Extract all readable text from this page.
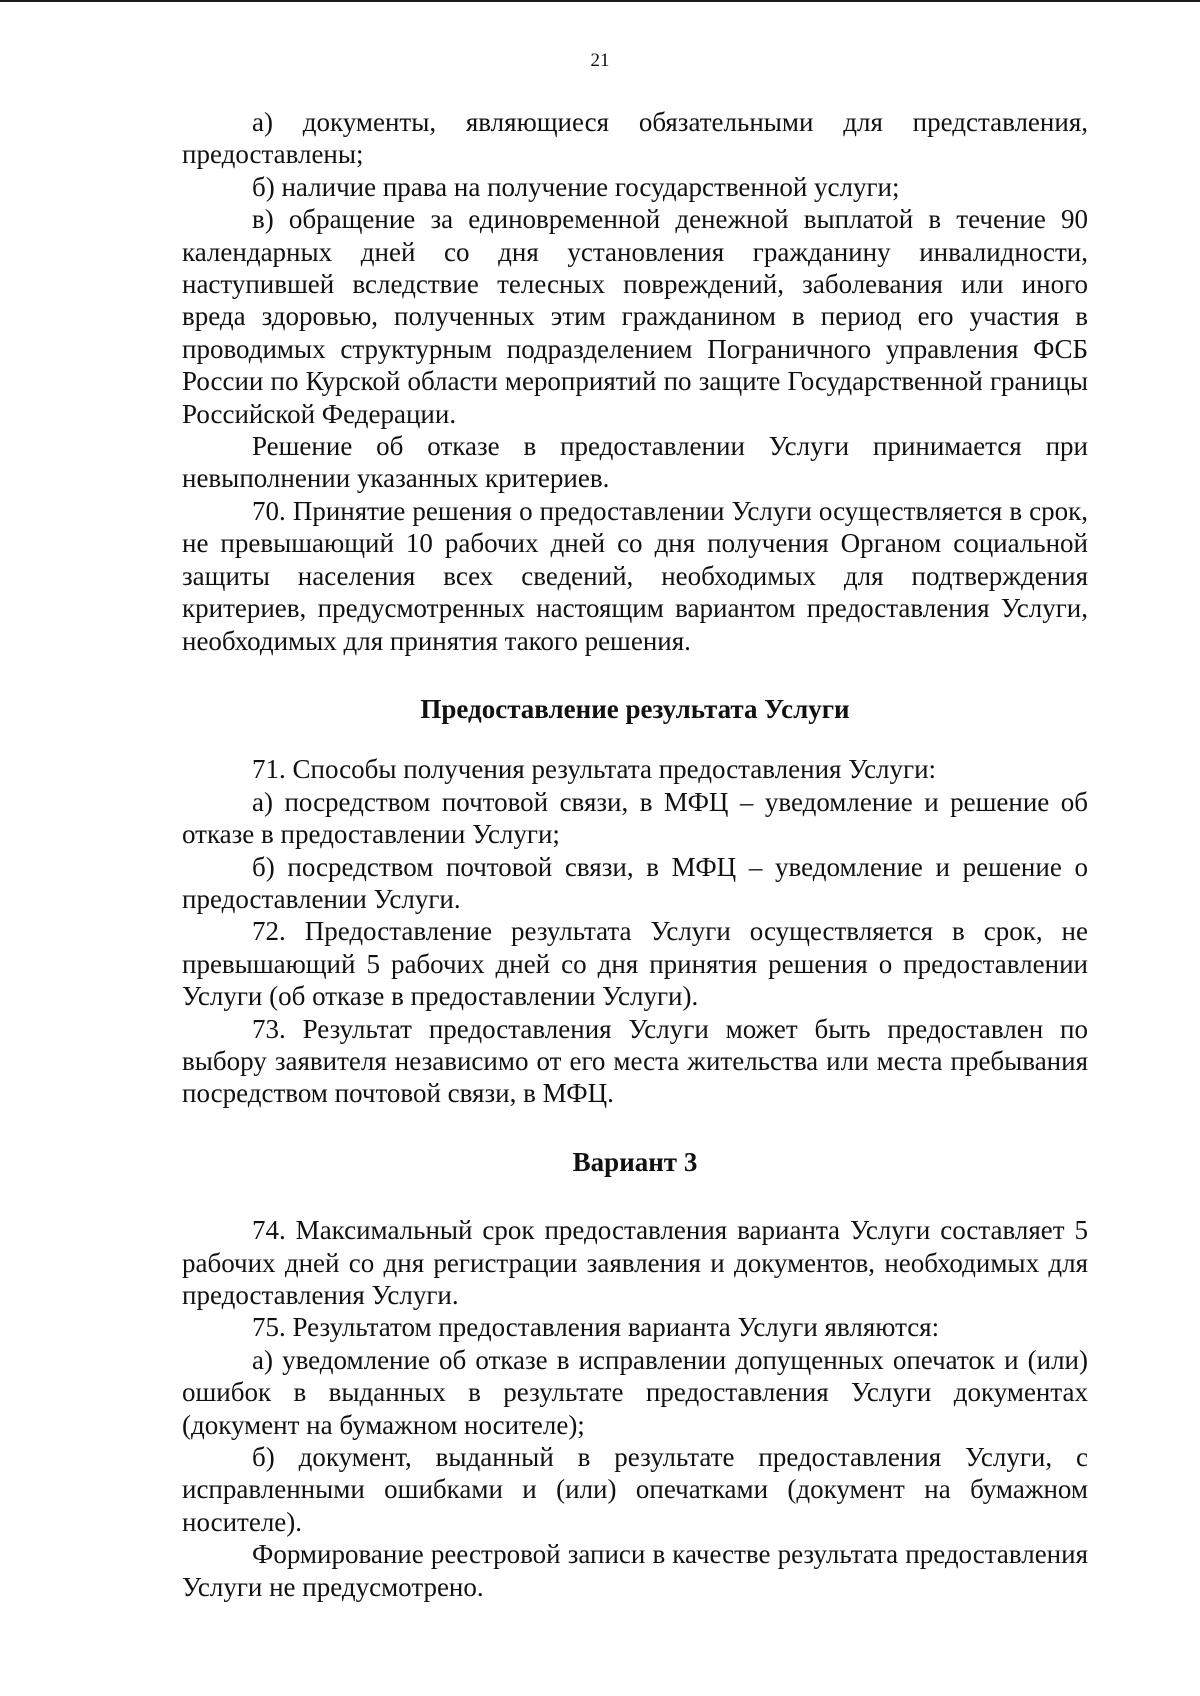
21

а) документы, являющиеся обязательными для представления, предоставлены;

б) наличие права на получение государственной услуги;

в) обращение за единовременной денежной выплатой в течение 90 календарных дней со дня установления гражданину инвалидности, наступившей вследствие телесных повреждений, заболевания или иного вреда здоровью, полученных этим гражданином в период его участия в проводимых структурным подразделением Пограничного управления ФСБ России по Курской области мероприятий по защите Государственной границы Российской Федерации.

Решение об отказе в предоставлении Услуги принимается при невыполнении указанных критериев.

70. Принятие решения о предоставлении Услуги осуществляется в срок, не превышающий 10 рабочих дней со дня получения Органом социальной защиты населения всех сведений, необходимых для подтверждения критериев, предусмотренных настоящим вариантом предоставления Услуги, необходимых для принятия такого решения.

Предоставление результата Услуги

71. Способы получения результата предоставления Услуги:

а) посредством почтовой связи, в МФЦ – уведомление и решение об отказе в предоставлении Услуги;

б) посредством почтовой связи, в МФЦ – уведомление и решение о предоставлении Услуги.

72. Предоставление результата Услуги осуществляется в срок, не превышающий 5 рабочих дней со дня принятия решения о предоставлении Услуги (об отказе в предоставлении Услуги).

73. Результат предоставления Услуги может быть предоставлен по выбору заявителя независимо от его места жительства или места пребывания посредством почтовой связи, в МФЦ.

Вариант 3

74. Максимальный срок предоставления варианта Услуги составляет 5 рабочих дней со дня регистрации заявления и документов, необходимых для предоставления Услуги.

75. Результатом предоставления варианта Услуги являются:

а) уведомление об отказе в исправлении допущенных опечаток и (или) ошибок в выданных в результате предоставления Услуги документах (документ на бумажном носителе);

б) документ, выданный в результате предоставления Услуги, с исправленными ошибками и (или) опечатками (документ на бумажном носителе).

Формирование реестровой записи в качестве результата предоставления Услуги не предусмотрено.
